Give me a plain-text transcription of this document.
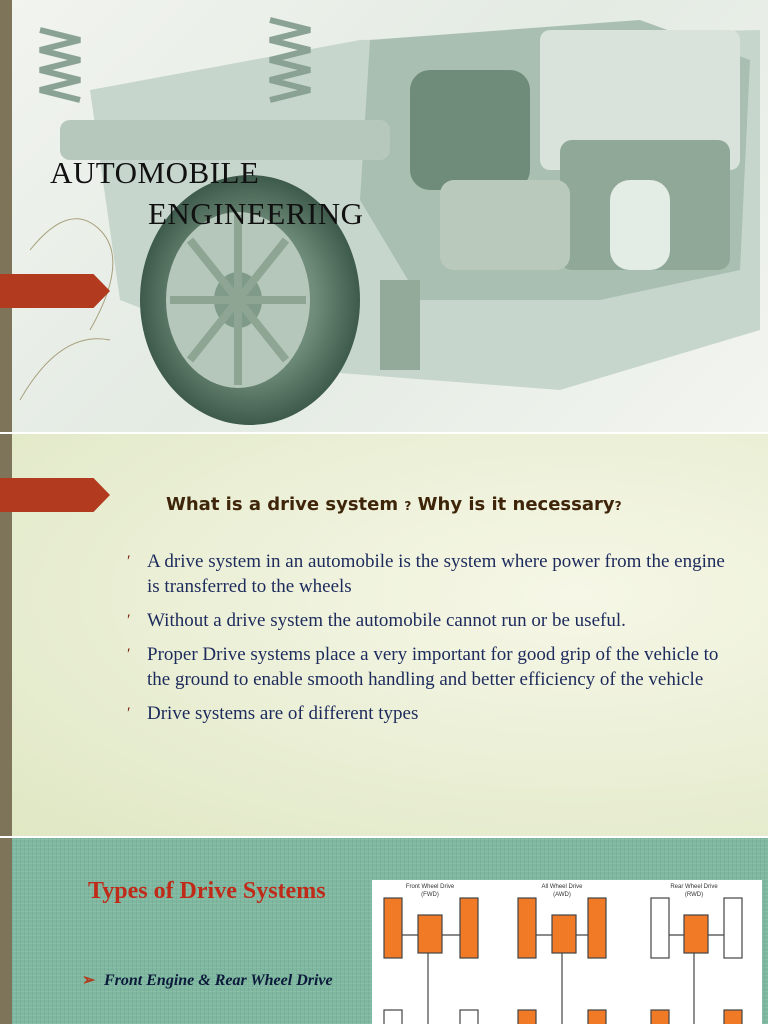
AUTOMOBILE
ENGINEERING
What is a drive system ? Why is it necessary?
′ A drive system in an automobile is the system where power from the engine is transferred to the wheels
′ Without a drive system the automobile cannot run or be useful.
′ Proper Drive systems place a very important for good grip of the vehicle to the ground to enable smooth handling and better efficiency of the vehicle
′ Drive systems are of different types
Types of Drive Systems
➢ Front Engine & Rear Wheel Drive
Front Wheel Drive
(FWD)
All Wheel Drive
(AWD)
Rear Wheel Drive
(RWD)
